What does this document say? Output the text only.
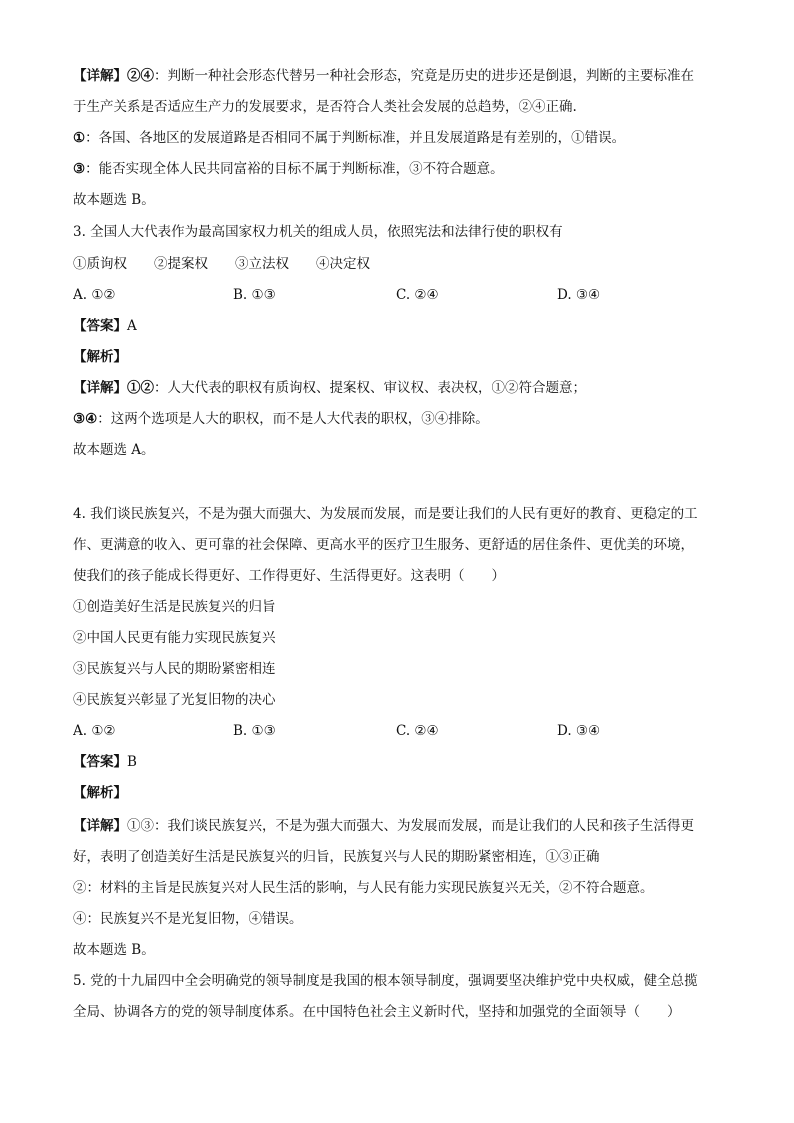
【详解】②④：判断一种社会形态代替另一种社会形态，究竟是历史的进步还是倒退，判断的主要标准在
于生产关系是否适应生产力的发展要求，是否符合人类社会发展的总趋势，②④正确.
①：各国、各地区的发展道路是否相同不属于判断标准，并且发展道路是有差别的，①错误。
③：能否实现全体人民共同富裕的目标不属于判断标准，③不符合题意。
故本题选 B。
3. 全国人大代表作为最高国家权力机关的组成人员，依照宪法和法律行使的职权有
①质询权　　②提案权　　③立法权　　④决定权
A. ①②	B. ①③	C. ②④	D. ③④
【答案】A
【解析】
【详解】①②：人大代表的职权有质询权、提案权、审议权、表决权，①②符合题意；
③④：这两个选项是人大的职权，而不是人大代表的职权，③④排除。
故本题选 A。
4. 我们谈民族复兴，不是为强大而强大、为发展而发展，而是要让我们的人民有更好的教育、更稳定的工
作、更满意的收入、更可靠的社会保障、更高水平的医疗卫生服务、更舒适的居住条件、更优美的环境，
使我们的孩子能成长得更好、工作得更好、生活得更好。这表明（　　）
①创造美好生活是民族复兴的归旨
②中国人民更有能力实现民族复兴
③民族复兴与人民的期盼紧密相连
④民族复兴彰显了光复旧物的决心
A. ①②	B. ①③	C. ②④	D. ③④
【答案】B
【解析】
【详解】①③：我们谈民族复兴，不是为强大而强大、为发展而发展，而是让我们的人民和孩子生活得更
好，表明了创造美好生活是民族复兴的归旨，民族复兴与人民的期盼紧密相连，①③正确
②：材料的主旨是民族复兴对人民生活的影响，与人民有能力实现民族复兴无关，②不符合题意。
④：民族复兴不是光复旧物，④错误。
故本题选 B。
5. 党的十九届四中全会明确党的领导制度是我国的根本领导制度，强调要坚决维护党中央权威，健全总揽
全局、协调各方的党的领导制度体系。在中国特色社会主义新时代，坚持和加强党的全面领导（　　）
